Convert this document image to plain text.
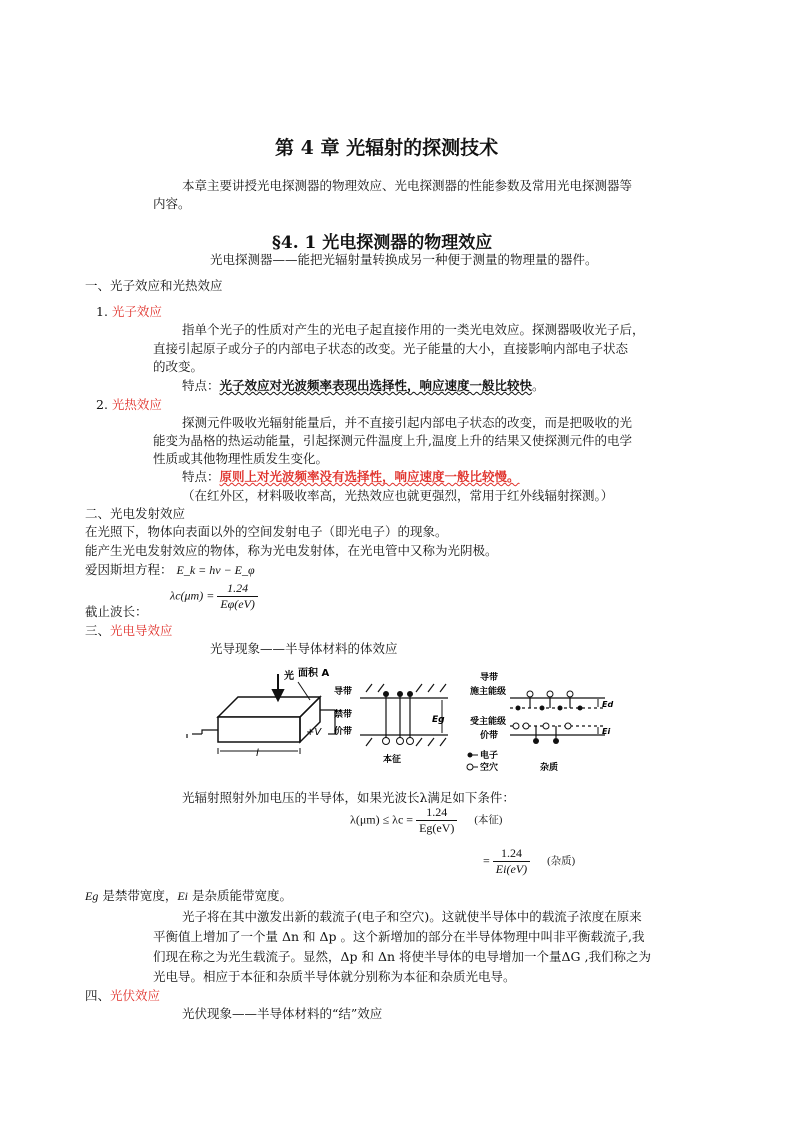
第 4 章 光辐射的探测技术
本章主要讲授光电探测器的物理效应、光电探测器的性能参数及常用光电探测器等
内容。
§4. 1 光电探测器的物理效应
光电探测器——能把光辐射量转换成另一种便于测量的物理量的器件。
一、光子效应和光热效应
1. 光子效应
指单个光子的性质对产生的光电子起直接作用的一类光电效应。探测器吸收光子后，
直接引起原子或分子的内部电子状态的改变。光子能量的大小，直接影响内部电子状态
的改变。
特点：光子效应对光波频率表现出选择性，响应速度一般比较快。
2. 光热效应
探测元件吸收光辐射能量后，并不直接引起内部电子状态的改变，而是把吸收的光
能变为晶格的热运动能量，引起探测元件温度上升,温度上升的结果又使探测元件的电学
性质或其他物理性质发生变化。
特点：原则上对光波频率没有选择性，响应速度一般比较慢。
（在红外区，材料吸收率高，光热效应也就更强烈，常用于红外线辐射探测。）
二、光电发射效应
在光照下，物体向表面以外的空间发射电子（即光电子）的现象。
能产生光电发射效应的物体，称为光电发射体，在光电管中又称为光阴极。
爱因斯坦方程： E_k = hν − E_φ
$\lambda c(\mu m) = \frac{1.24}{E\varphi(eV)}$
截止波长：
三、光电导效应
光导现象——半导体材料的体效应
光 面积 A
+V
l
导带
禁带
价带
Eg
本征
导带
施主能级
受主能级
价带
Ed
Ei
电子
空穴	杂质
光辐射照射外加电压的半导体，如果光波长λ满足如下条件：
$\lambda(\mu m) \le \lambda c = \frac{1.24}{Eg(eV)}$ (本征)
= $\frac{1.24}{Ei(eV)}$ (杂质)
Eg 是禁带宽度，Ei 是杂质能带宽度。
光子将在其中激发出新的载流子(电子和空穴)。这就使半导体中的载流子浓度在原来
平衡值上增加了一个量 Δn 和 Δp 。这个新增加的部分在半导体物理中叫非平衡载流子,我
们现在称之为光生载流子。显然，Δp 和 Δn 将使半导体的电导增加一个量ΔG ,我们称之为
光电导。相应于本征和杂质半导体就分别称为本征和杂质光电导。
四、光伏效应
光伏现象——半导体材料的“结”效应
